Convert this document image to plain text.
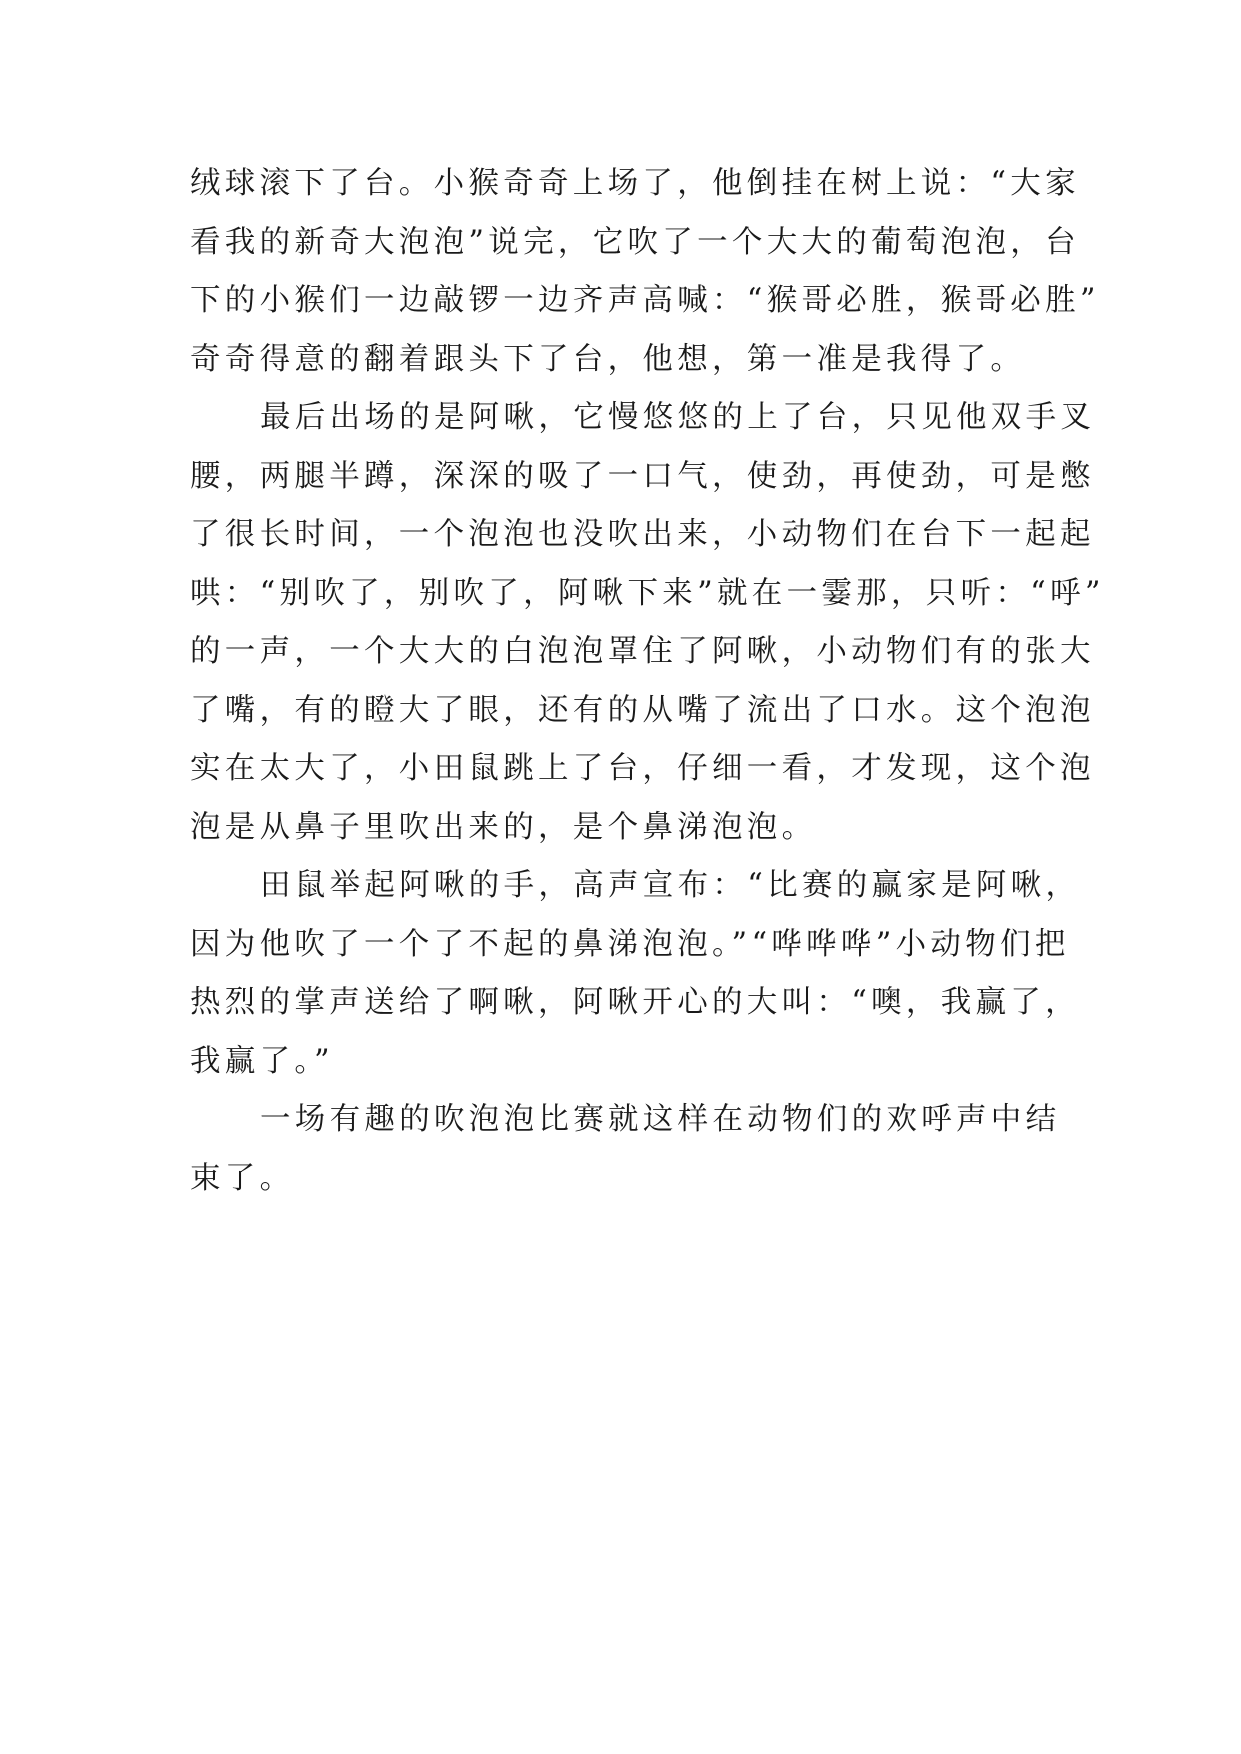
绒球滚下了台。小猴奇奇上场了，他倒挂在树上说：“大家
看我的新奇大泡泡”说完，它吹了一个大大的葡萄泡泡，台
下的小猴们一边敲锣一边齐声高喊：“猴哥必胜，猴哥必胜”
奇奇得意的翻着跟头下了台，他想，第一准是我得了。
最后出场的是阿啾，它慢悠悠的上了台，只见他双手叉
腰，两腿半蹲，深深的吸了一口气，使劲，再使劲，可是憋
了很长时间，一个泡泡也没吹出来，小动物们在台下一起起
哄：“别吹了，别吹了，阿啾下来”就在一霎那，只听：“呼”
的一声，一个大大的白泡泡罩住了阿啾，小动物们有的张大
了嘴，有的瞪大了眼，还有的从嘴了流出了口水。这个泡泡
实在太大了，小田鼠跳上了台，仔细一看，才发现，这个泡
泡是从鼻子里吹出来的，是个鼻涕泡泡。
田鼠举起阿啾的手，高声宣布：“比赛的赢家是阿啾，
因为他吹了一个了不起的鼻涕泡泡。”“哗哗哗”小动物们把
热烈的掌声送给了啊啾，阿啾开心的大叫：“噢，我赢了，
我赢了。”
一场有趣的吹泡泡比赛就这样在动物们的欢呼声中结
束了。
